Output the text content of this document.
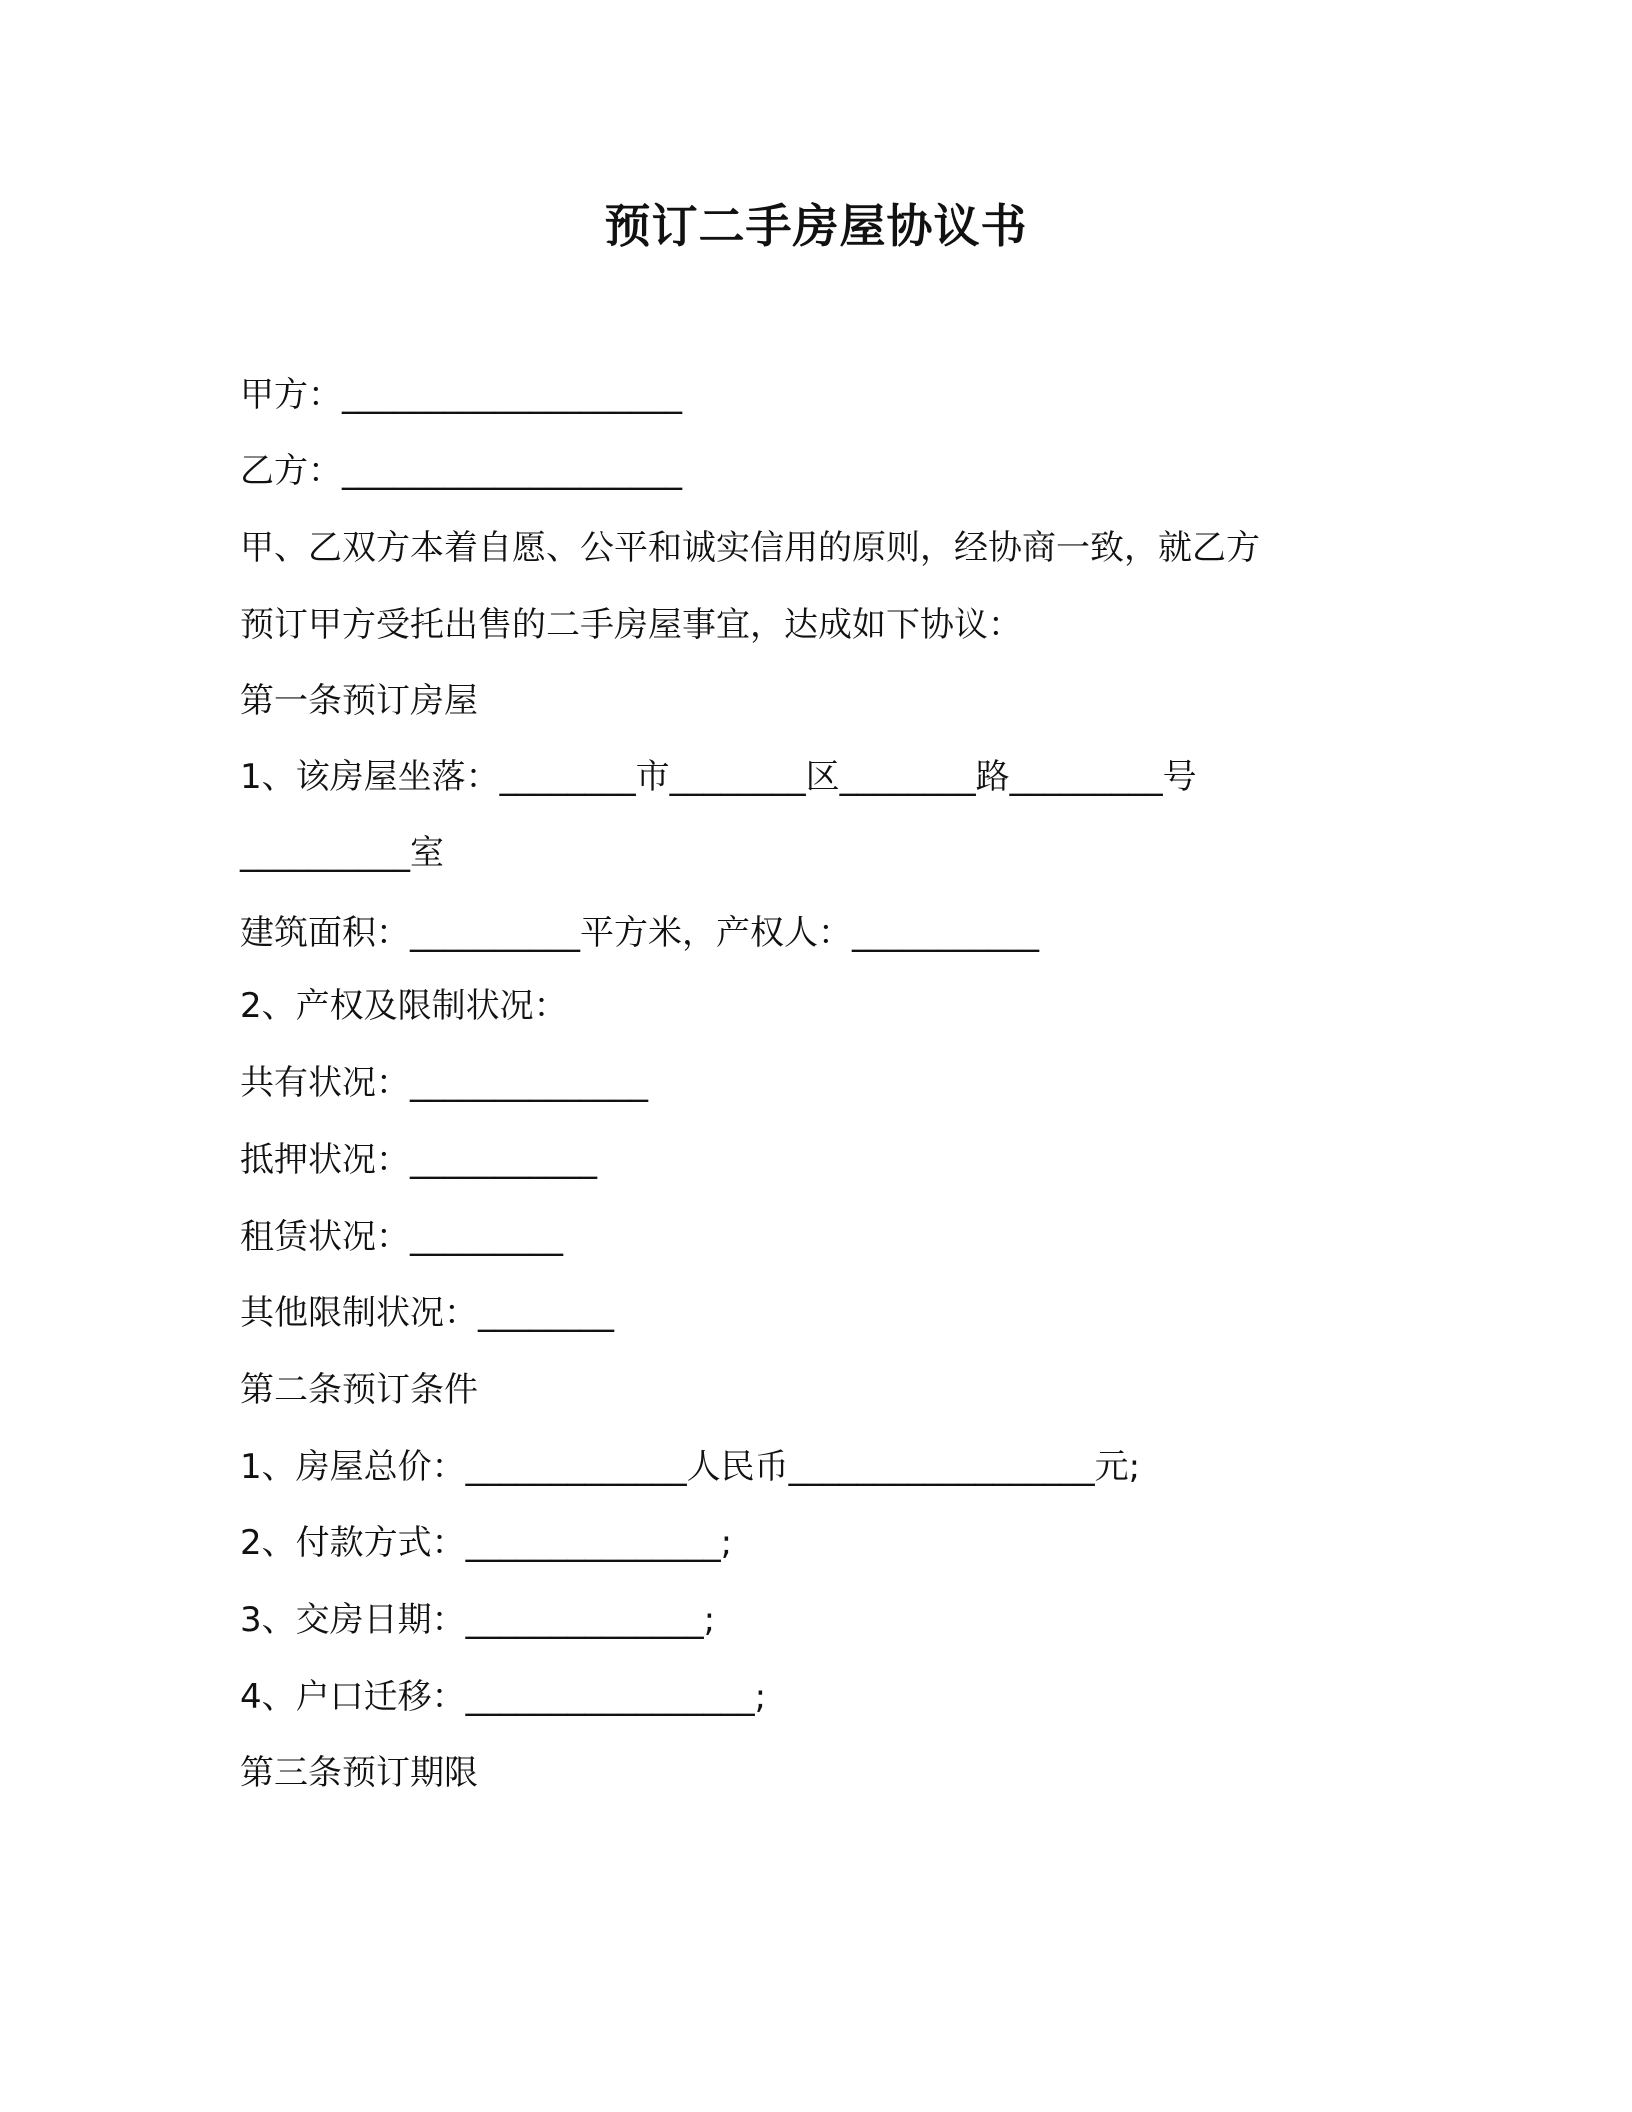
预订二手房屋协议书
甲方：____________________
乙方：____________________
甲、乙双方本着自愿、公平和诚实信用的原则，经协商一致，就乙方
预订甲方受托出售的二手房屋事宜，达成如下协议：
第一条预订房屋
1、该房屋坐落：________市________区________路_________号
__________室
建筑面积：__________平方米，产权人：___________
2、产权及限制状况：
共有状况：______________
抵押状况：___________
租赁状况：_________
其他限制状况：________
第二条预订条件
1、房屋总价：_____________人民币__________________元;
2、付款方式：_______________;
3、交房日期：______________;
4、户口迁移：_________________;
第三条预订期限
